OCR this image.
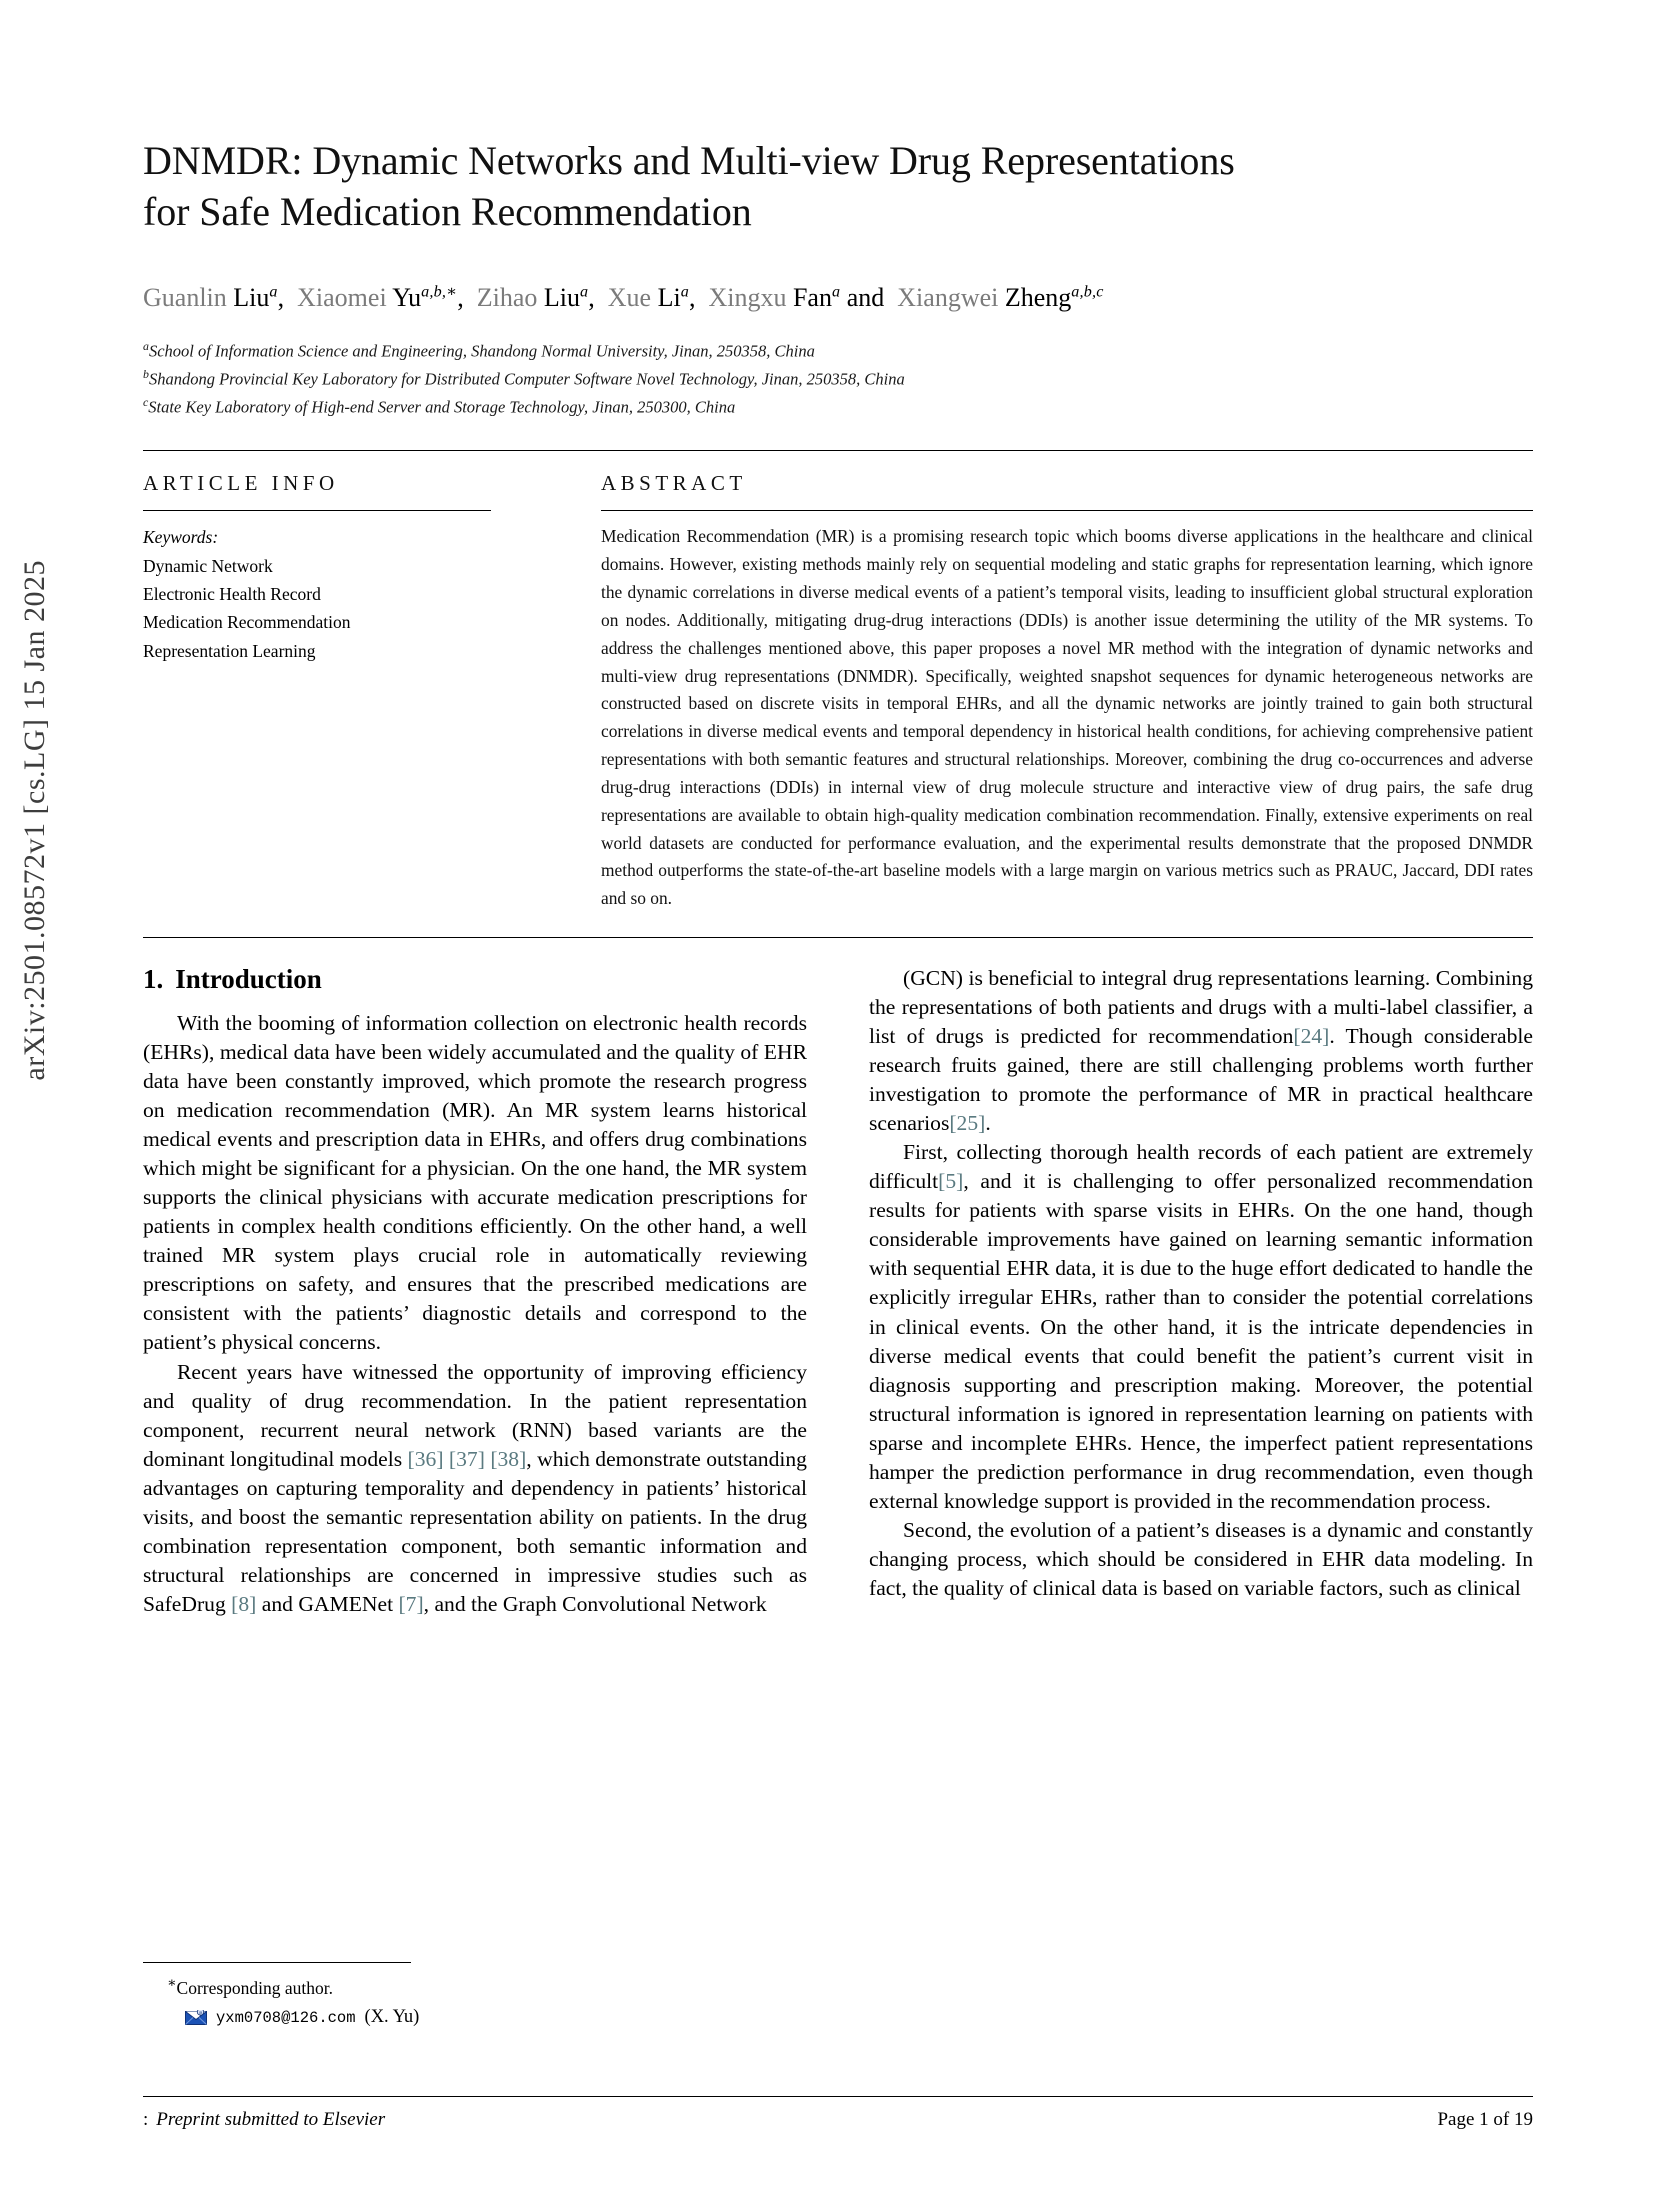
arXiv:2501.08572v1 [cs.LG] 15 Jan 2025
DNMDR: Dynamic Networks and Multi-view Drug Representations
for Safe Medication Recommendation
Guanlin Liu$^a$,  Xiaomei $Yu^{a,b,∗}$,  Zihao Liu$^a$,  Xue Li$^a$,  Xingxu Fan$^a$ and  Xiangwei Zheng$^{a,b,c}$
$^a$School of Information Science and Engineering, Shandong Normal University, Jinan, 250358, China
$^b$Shandong Provincial Key Laboratory for Distributed Computer Software Novel Technology, Jinan, 250358, China
$^c$State Key Laboratory of High-end Server and Storage Technology, Jinan, 250300, China
ARTICLE INFO
Keywords:
Dynamic Network
Electronic Health Record
Medication Recommendation
Representation Learning
ABSTRACT
Medication Recommendation (MR) is a promising research topic which booms diverse applications in the healthcare and clinical domains. However, existing methods mainly rely on sequential modeling and static graphs for representation learning, which ignore the dynamic correlations in diverse medical events of a patient’s temporal visits, leading to insufficient global structural exploration on nodes. Additionally, mitigating drug-drug interactions (DDIs) is another issue determining the utility of the MR systems. To address the challenges mentioned above, this paper proposes a novel MR method with the integration of dynamic networks and multi-view drug representations (DNMDR). Specifically, weighted snapshot sequences for dynamic heterogeneous networks are constructed based on discrete visits in temporal EHRs, and all the dynamic networks are jointly trained to gain both structural correlations in diverse medical events and temporal dependency in historical health conditions, for achieving comprehensive patient representations with both semantic features and structural relationships. Moreover, combining the drug co-occurrences and adverse drug-drug interactions (DDIs) in internal view of drug molecule structure and interactive view of drug pairs, the safe drug representations are available to obtain high-quality medication combination recommendation. Finally, extensive experiments on real world datasets are conducted for performance evaluation, and the experimental results demonstrate that the proposed DNMDR method outperforms the state-of-the-art baseline models with a large margin on various metrics such as PRAUC, Jaccard, DDI rates and so on.
1. Introduction

With the booming of information collection on electronic health records (EHRs), medical data have been widely accumulated and the quality of EHR data have been constantly improved, which promote the research progress on medication recommendation (MR). An MR system learns historical medical events and prescription data in EHRs, and offers drug combinations which might be significant for a physician. On the one hand, the MR system supports the clinical physicians with accurate medication prescriptions for patients in complex health conditions efficiently. On the other hand, a well trained MR system plays crucial role in automatically reviewing prescriptions on safety, and ensures that the prescribed medications are consistent with the patients’ diagnostic details and correspond to the patient’s physical concerns.

Recent years have witnessed the opportunity of improving efficiency and quality of drug recommendation. In the patient representation component, recurrent neural network (RNN) based variants are the dominant longitudinal models [36] [37] [38], which demonstrate outstanding advantages on capturing temporality and dependency in patients’ historical visits, and boost the semantic representation ability on patients. In the drug combination representation component, both semantic information and structural relationships are concerned in impressive studies such as SafeDrug [8] and GAMENet [7], and the Graph Convolutional Network

(GCN) is beneficial to integral drug representations learning. Combining the representations of both patients and drugs with a multi-label classifier, a list of drugs is predicted for recommendation[24]. Though considerable research fruits gained, there are still challenging problems worth further investigation to promote the performance of MR in practical healthcare scenarios[25].

First, collecting thorough health records of each patient are extremely difficult[5], and it is challenging to offer personalized recommendation results for patients with sparse visits in EHRs. On the one hand, though considerable improvements have gained on learning semantic information with sequential EHR data, it is due to the huge effort dedicated to handle the explicitly irregular EHRs, rather than to consider the potential correlations in clinical events. On the other hand, it is the intricate dependencies in diverse medical events that could benefit the patient’s current visit in diagnosis supporting and prescription making. Moreover, the potential structural information is ignored in representation learning on patients with sparse and incomplete EHRs. Hence, the imperfect patient representations hamper the prediction performance in drug recommendation, even though external knowledge support is provided in the recommendation process.

Second, the evolution of a patient’s diseases is a dynamic and constantly changing process, which should be considered in EHR data modeling. In fact, the quality of clinical data is based on variable factors, such as clinical

∗Corresponding author.
@ yxm0708@126.com (X. Yu)
: Preprint submitted to Elsevier	Page 1 of 19
